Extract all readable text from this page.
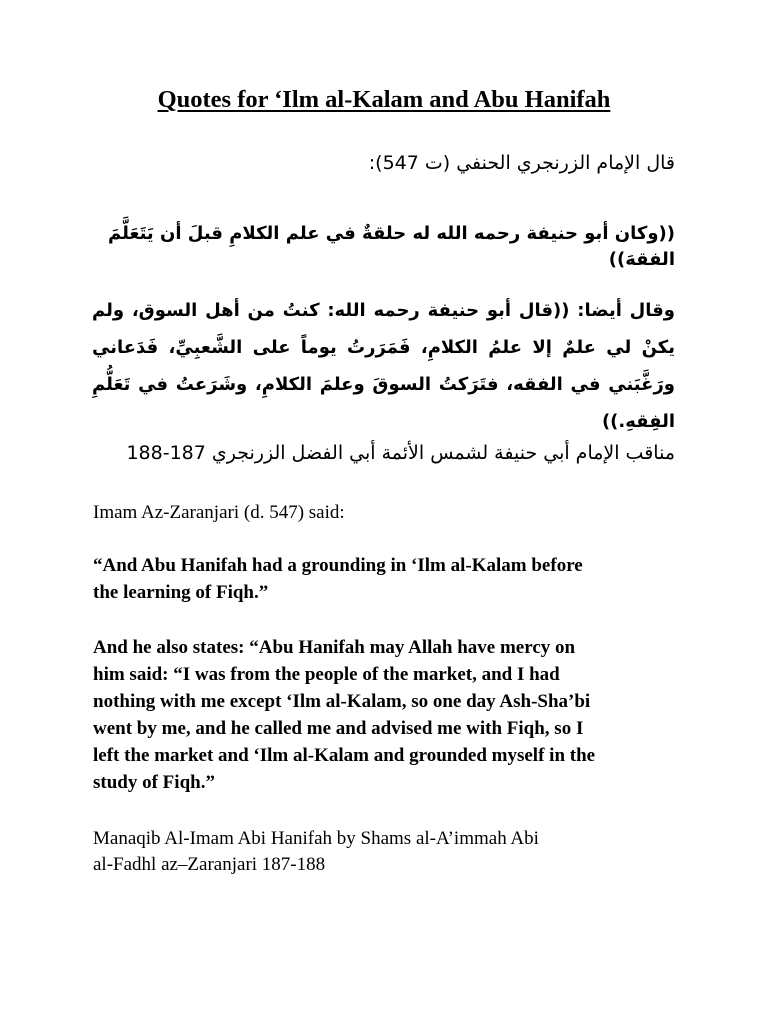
Quotes for ‘Ilm al-Kalam and Abu Hanifah
قال الإمام الزرنجري الحنفي (ت 547):
((وكان أبو حنيفة رحمه الله له حلقةٌ في علم الكلامِ قبلَ أن يَتَعَلَّمَ الفقهَ))
وقال أيضا: ((قال أبو حنيفة رحمه الله: كنتُ من أهل السوق، ولم يكنْ لي علمٌ إلا علمُ الكلامِ، فَمَرَرتُ يوماً على الشَّعبِيِّ، فَدَعاني ورَغَّبَني في الفقه، فتَرَكتُ السوقَ وعلمَ الكلامِ، وشَرَعتُ في تَعَلُّمِ الفِقهِ.))
مناقب الإمام أبي حنيفة لشمس الأئمة أبي الفضل الزرنجري 187-188
Imam Az-Zaranjari (d. 547) said:
“And Abu Hanifah had a grounding in ‘Ilm al-Kalam before
the learning of Fiqh.”
And he also states: “Abu Hanifah may Allah have mercy on
him said: “I was from the people of the market, and I had
nothing with me except ‘Ilm al-Kalam, so one day Ash-Sha’bi
went by me, and he called me and advised me with Fiqh, so I
left the market and ‘Ilm al-Kalam and grounded myself in the
study of Fiqh.”
Manaqib Al-Imam Abi Hanifah by Shams al-A’immah Abi
al-Fadhl az–Zaranjari 187-188
